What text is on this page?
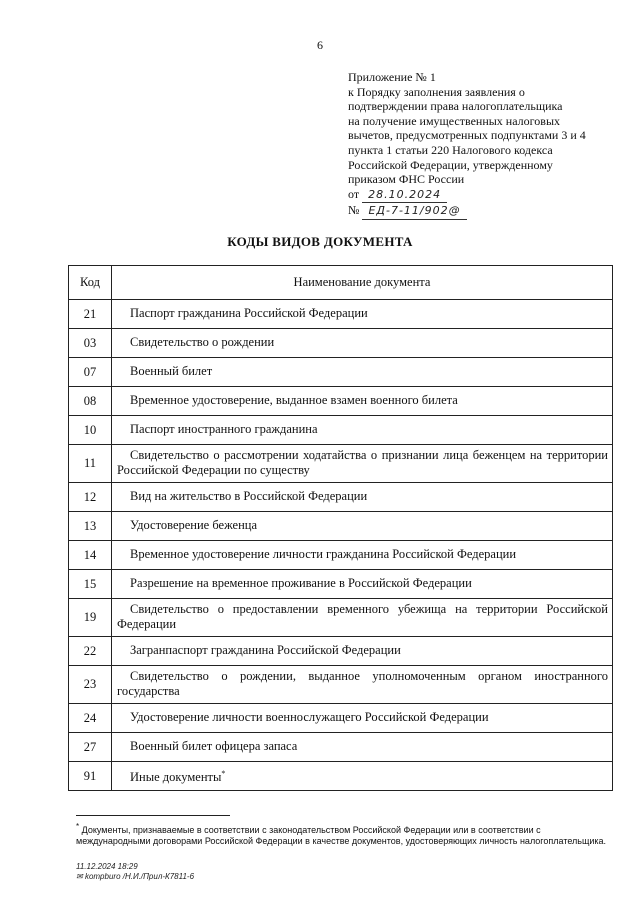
6
Приложение № 1
к Порядку заполнения заявления о
подтверждении права налогоплательщика
на получение имущественных налоговых
вычетов, предусмотренных подпунктами 3 и 4
пункта 1 статьи 220 Налогового кодекса
Российской Федерации, утвержденному
приказом ФНС России
от 28.10.2024
№ ЕД-7-11/902@
КОДЫ ВИДОВ ДОКУМЕНТА
Код	Наименование документа
21	Паспорт гражданина Российской Федерации

03	Свидетельство о рождении

07	Военный билет

08	Временное удостоверение, выданное взамен военного билета

10	Паспорт иностранного гражданина

11	Свидетельство о рассмотрении ходатайства о признании лица беженцем на территории Российской Федерации по существу

12	Вид на жительство в Российской Федерации

13	Удостоверение беженца

14	Временное удостоверение личности гражданина Российской Федерации

15	Разрешение на временное проживание в Российской Федерации

19	Свидетельство о предоставлении временного убежища на территории Российской Федерации

22	Загранпаспорт гражданина Российской Федерации

23	Свидетельство о рождении, выданное уполномоченным органом иностранного государства

24	Удостоверение личности военнослужащего Российской Федерации

27	Военный билет офицера запаса

91	Иные документы*
* Документы, признаваемые в соответствии с законодательством Российской Федерации или в соответствии с международными договорами Российской Федерации в качестве документов, удостоверяющих личность налогоплательщика.
11.12.2024 18:29
✉ kompburo /Н.И./Прил-К7811-6
